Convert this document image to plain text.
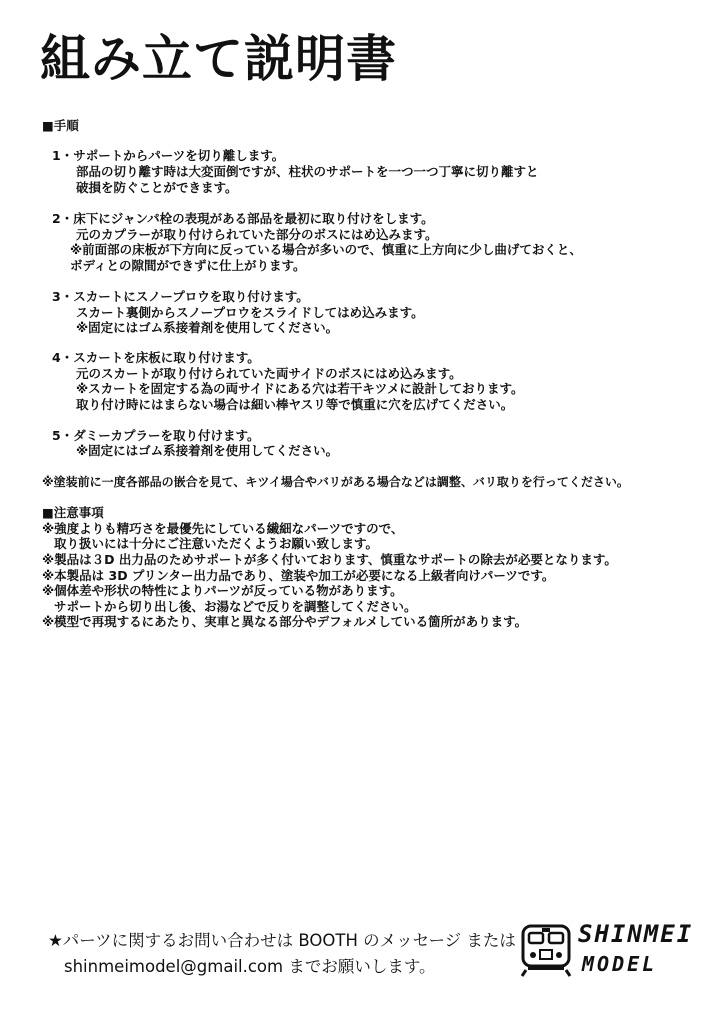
組み立て説明書
■手順
1・サポートからパーツを切り離します。
部品の切り離す時は大変面倒ですが、柱状のサポートを一つ一つ丁寧に切り離すと
破損を防ぐことができます。
2・床下にジャンパ栓の表現がある部品を最初に取り付けをします。
元のカプラーが取り付けられていた部分のボスにはめ込みます。
※前面部の床板が下方向に反っている場合が多いので、慎重に上方向に少し曲げておくと、
ボディとの隙間ができずに仕上がります。
3・スカートにスノープロウを取り付けます。
スカート裏側からスノープロウをスライドしてはめ込みます。
※固定にはゴム系接着剤を使用してください。
4・スカートを床板に取り付けます。
元のスカートが取り付けられていた両サイドのボスにはめ込みます。
※スカートを固定する為の両サイドにある穴は若干キツメに設計しております。
取り付け時にはまらない場合は細い棒ヤスリ等で慎重に穴を広げてください。
5・ダミーカプラーを取り付けます。
※固定にはゴム系接着剤を使用してください。
※塗装前に一度各部品の嵌合を見て、キツイ場合やバリがある場合などは調整、バリ取りを行ってください。
■注意事項
※強度よりも精巧さを最優先にしている繊細なパーツですので、
取り扱いには十分にご注意いただくようお願い致します。
※製品は３D 出力品のためサポートが多く付いております、慎重なサポートの除去が必要となります。
※本製品は 3D プリンター出力品であり、塗装や加工が必要になる上級者向けパーツです。
※個体差や形状の特性によりパーツが反っている物があります。
サポートから切り出し後、お湯などで反りを調整してください。
※模型で再現するにあたり、実車と異なる部分やデフォルメしている箇所があります。
★パーツに関するお問い合わせは BOOTH のメッセージ または
shinmeimodel@gmail.com までお願いします。
SHINMEI
MODEL
